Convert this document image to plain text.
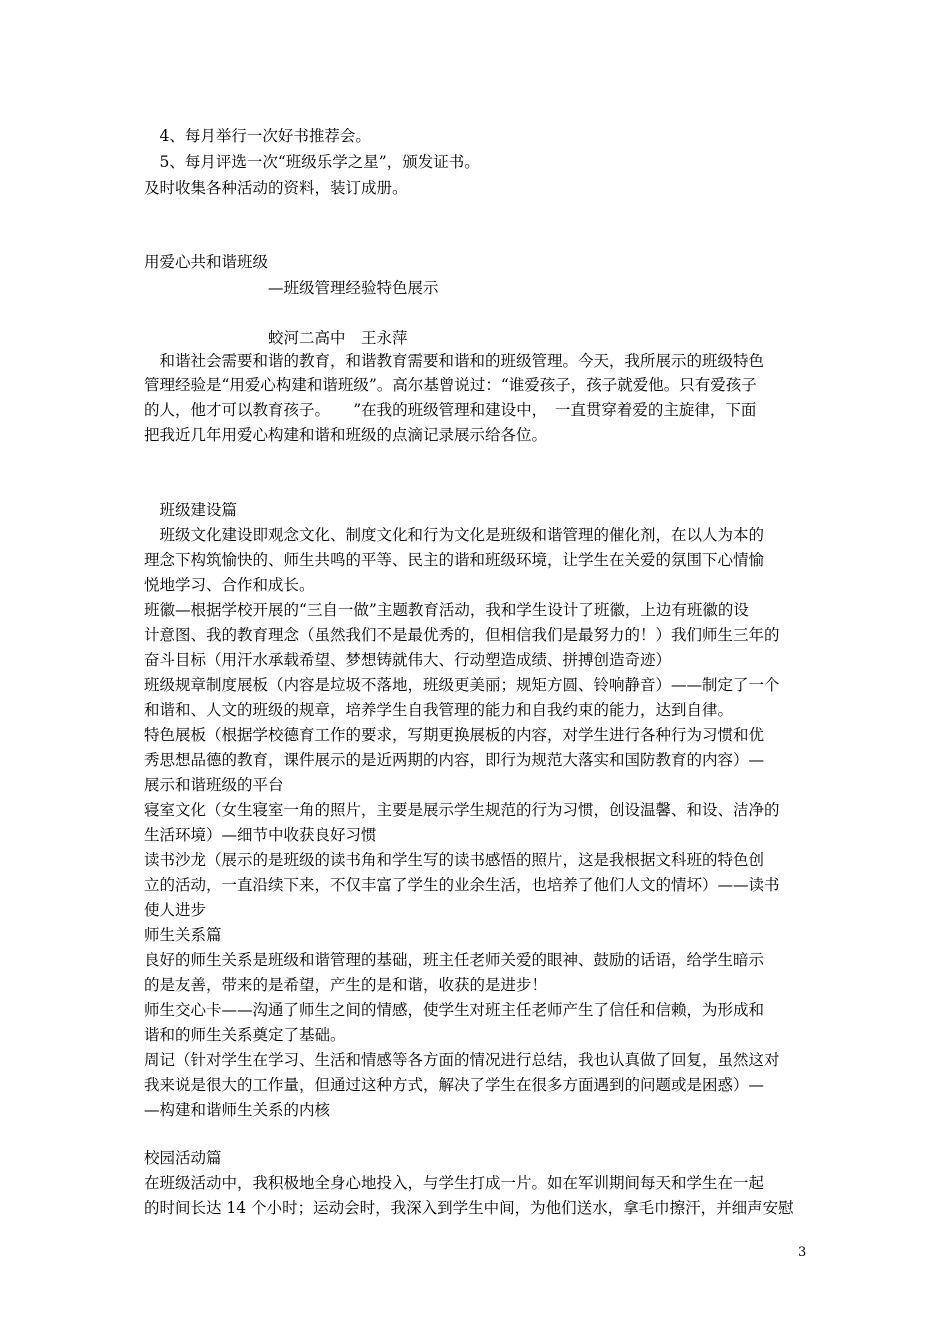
　4、每月举行一次好书推荐会。
　5、每月评选一次“班级乐学之星”，颁发证书。
及时收集各种活动的资料，装订成册。
用爱心共和谐班级
　　　　　　　　—班级管理经验特色展示
　　　　　　　　蛟河二高中　王永萍
　和谐社会需要和谐的教育，和谐教育需要和谐和的班级管理。今天，我所展示的班级特色
管理经验是“用爱心构建和谐班级”。高尔基曾说过：“谁爱孩子，孩子就爱他。只有爱孩子
的人，他才可以教育孩子。　　”在我的班级管理和建设中，　一直贯穿着爱的主旋律，下面
把我近几年用爱心构建和谐和班级的点滴记录展示给各位。
　班级建设篇
　班级文化建设即观念文化、制度文化和行为文化是班级和谐管理的催化剂，在以人为本的
理念下构筑愉快的、师生共鸣的平等、民主的谐和班级环境，让学生在关爱的氛围下心情愉
悦地学习、合作和成长。
班徽—根据学校开展的“三自一做”主题教育活动，我和学生设计了班徽，上边有班徽的设
计意图、我的教育理念（虽然我们不是最优秀的，但相信我们是最努力的！）我们师生三年的
奋斗目标（用汗水承载希望、梦想铸就伟大、行动塑造成绩、拼搏创造奇迹）
班级规章制度展板（内容是垃圾不落地，班级更美丽；规矩方圆、铃响静音）——制定了一个
和谐和、人文的班级的规章，培养学生自我管理的能力和自我约束的能力，达到自律。
特色展板（根据学校德育工作的要求，写期更换展板的内容，对学生进行各种行为习惯和优
秀思想品德的教育，课件展示的是近两期的内容，即行为规范大落实和国防教育的内容）—
展示和谐班级的平台
寝室文化（女生寝室一角的照片，主要是展示学生规范的行为习惯，创设温馨、和设、洁净的
生活环境）—细节中收获良好习惯
读书沙龙（展示的是班级的读书角和学生写的读书感悟的照片，这是我根据文科班的特色创
立的活动，一直沿续下来，不仅丰富了学生的业余生活，也培养了他们人文的情坏）——读书
使人进步
师生关系篇
良好的师生关系是班级和谐管理的基础，班主任老师关爱的眼神、鼓励的话语，给学生暗示
的是友善，带来的是希望，产生的是和谐，收获的是进步！
师生交心卡——沟通了师生之间的情感，使学生对班主任老师产生了信任和信赖，为形成和
谐和的师生关系奠定了基础。
周记（针对学生在学习、生活和情感等各方面的情况进行总结，我也认真做了回复，虽然这对
我来说是很大的工作量，但通过这种方式，解决了学生在很多方面遇到的问题或是困惑）—
—构建和谐师生关系的内核
校园活动篇
在班级活动中，我积极地全身心地投入，与学生打成一片。如在军训期间每天和学生在一起
的时间长达 14 个小时；运动会时，我深入到学生中间，为他们送水，拿毛巾擦汗，并细声安慰
3
